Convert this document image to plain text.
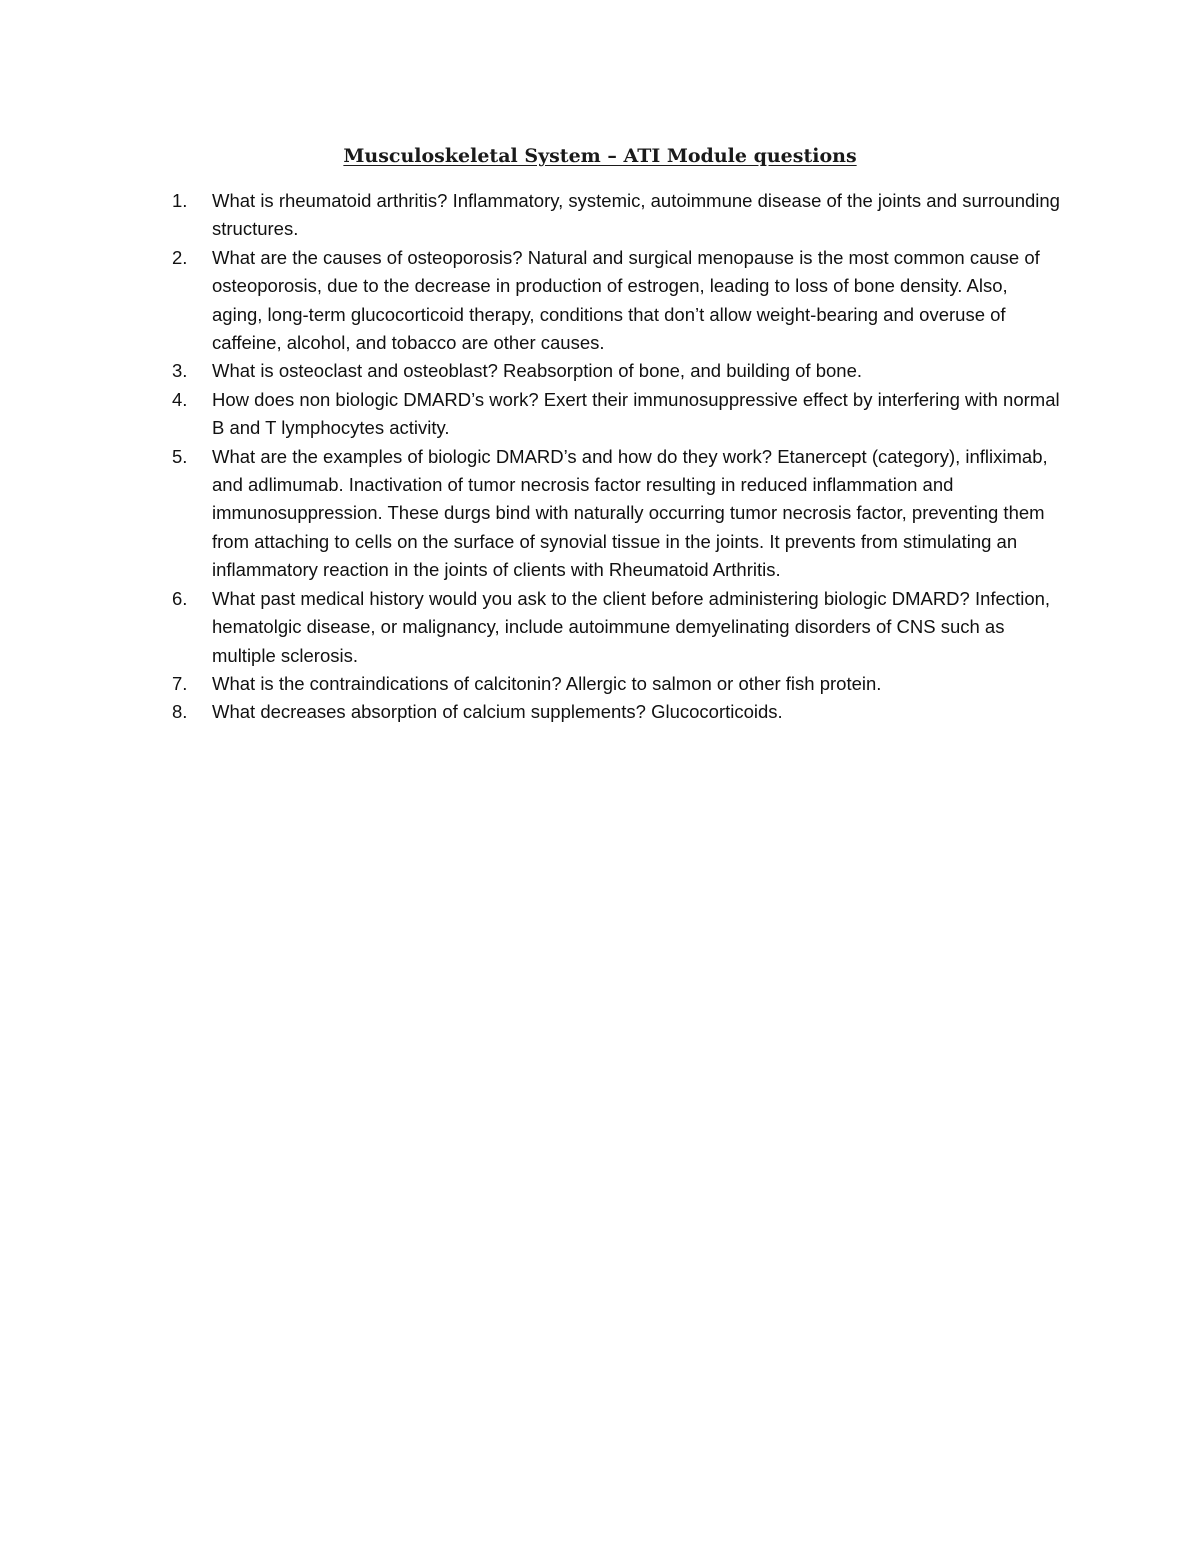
Musculoskeletal System – ATI Module questions
1.	What is rheumatoid arthritis? Inflammatory, systemic, autoimmune disease of the joints and surrounding structures.
2.	What are the causes of osteoporosis? Natural and surgical menopause is the most common cause of osteoporosis, due to the decrease in production of estrogen, leading to loss of bone density. Also, aging, long-term glucocorticoid therapy, conditions that don’t allow weight-bearing and overuse of caffeine, alcohol, and tobacco are other causes.
3.	What is osteoclast and osteoblast? Reabsorption of bone, and building of bone.
4.	How does non biologic DMARD’s work? Exert their immunosuppressive effect by interfering with normal B and T lymphocytes activity.
5.	What are the examples of biologic DMARD’s and how do they work? Etanercept (category), infliximab, and adlimumab. Inactivation of tumor necrosis factor resulting in reduced inflammation and immunosuppression. These durgs bind with naturally occurring tumor necrosis factor, preventing them from attaching to cells on the surface of synovial tissue in the joints. It prevents from stimulating an inflammatory reaction in the joints of clients with Rheumatoid Arthritis.
6.	What past medical history would you ask to the client before administering biologic DMARD? Infection, hematolgic disease, or malignancy, include autoimmune demyelinating disorders of CNS such as multiple sclerosis.
7.	What is the contraindications of calcitonin? Allergic to salmon or other fish protein.
8.	What decreases absorption of calcium supplements? Glucocorticoids.
